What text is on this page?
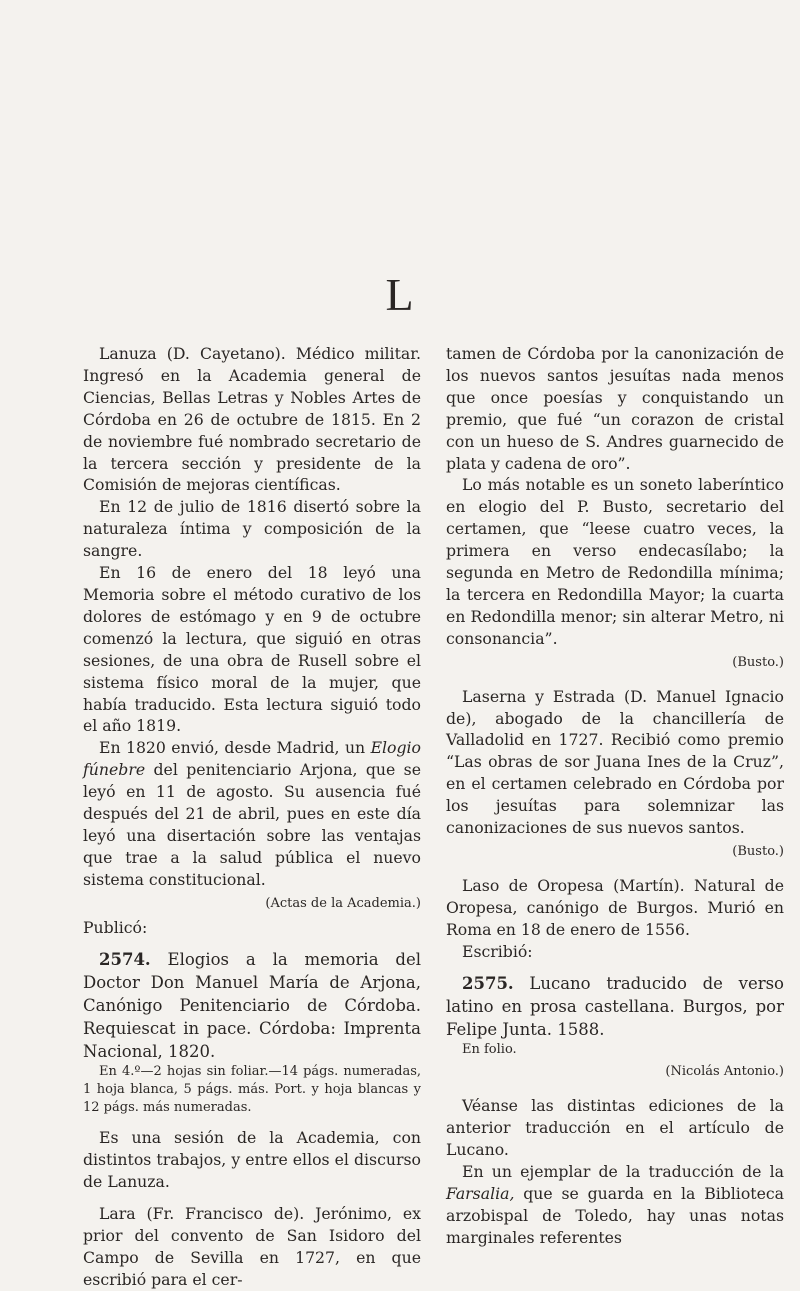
L

Lanuza (D. Cayetano). Médico militar. Ingresó en la Academia general de Ciencias, Bellas Letras y Nobles Artes de Córdoba en 26 de octubre de 1815. En 2 de noviembre fué nombrado secretario de la tercera sección y presidente de la Comisión de mejoras científicas.

En 12 de julio de 1816 disertó sobre la naturaleza íntima y composición de la sangre.

En 16 de enero del 18 leyó una Memoria sobre el método curativo de los dolores de estómago y en 9 de octubre comenzó la lectura, que siguió en otras sesiones, de una obra de Rusell sobre el sistema físico moral de la mujer, que había traducido. Esta lectura siguió todo el año 1819.

En 1820 envió, desde Madrid, un Elogio fúnebre del penitenciario Arjona, que se leyó en 11 de agosto. Su ausencia fué después del 21 de abril, pues en este día leyó una disertación sobre las ventajas que trae a la salud pública el nuevo sistema constitucional.

(Actas de la Academia.)

Publicó:

2574. Elogios a la memoria del Doctor Don Manuel María de Arjona, Canónigo Penitenciario de Córdoba. Requiescat in pace. Córdoba: Imprenta Nacional, 1820.

En 4.º—2 hojas sin foliar.—14 págs. numeradas, 1 hoja blanca, 5 págs. más. Port. y hoja blancas y 12 págs. más numeradas.

Es una sesión de la Academia, con distintos trabajos, y entre ellos el discurso de Lanuza.

Lara (Fr. Francisco de). Jerónimo, ex prior del convento de San Isidoro del Campo de Sevilla en 1727, en que escribió para el cer-

tamen de Córdoba por la canonización de los nuevos santos jesuítas nada menos que once poesías y conquistando un premio, que fué “un corazon de cristal con un hueso de S. Andres guarnecido de plata y cadena de oro”.

Lo más notable es un soneto laberíntico en elogio del P. Busto, secretario del certamen, que “leese cuatro veces, la primera en verso endecasílabo; la segunda en Metro de Redondilla mínima; la tercera en Redondilla Mayor; la cuarta en Redondilla menor; sin alterar Metro, ni consonancia”.

(Busto.)

Laserna y Estrada (D. Manuel Ignacio de), abogado de la chancillería de Valladolid en 1727. Recibió como premio “Las obras de sor Juana Ines de la Cruz”, en el certamen celebrado en Córdoba por los jesuítas para solemnizar las canonizaciones de sus nuevos santos.

(Busto.)

Laso de Oropesa (Martín). Natural de Oropesa, canónigo de Burgos. Murió en Roma en 18 de enero de 1556.

Escribió:

2575. Lucano traducido de verso latino en prosa castellana. Burgos, por Felipe Junta. 1588.

En folio.

(Nicolás Antonio.)

Véanse las distintas ediciones de la anterior traducción en el artículo de Lucano.

En un ejemplar de la traducción de la Farsalia, que se guarda en la Biblioteca arzobispal de Toledo, hay unas notas marginales referentes
